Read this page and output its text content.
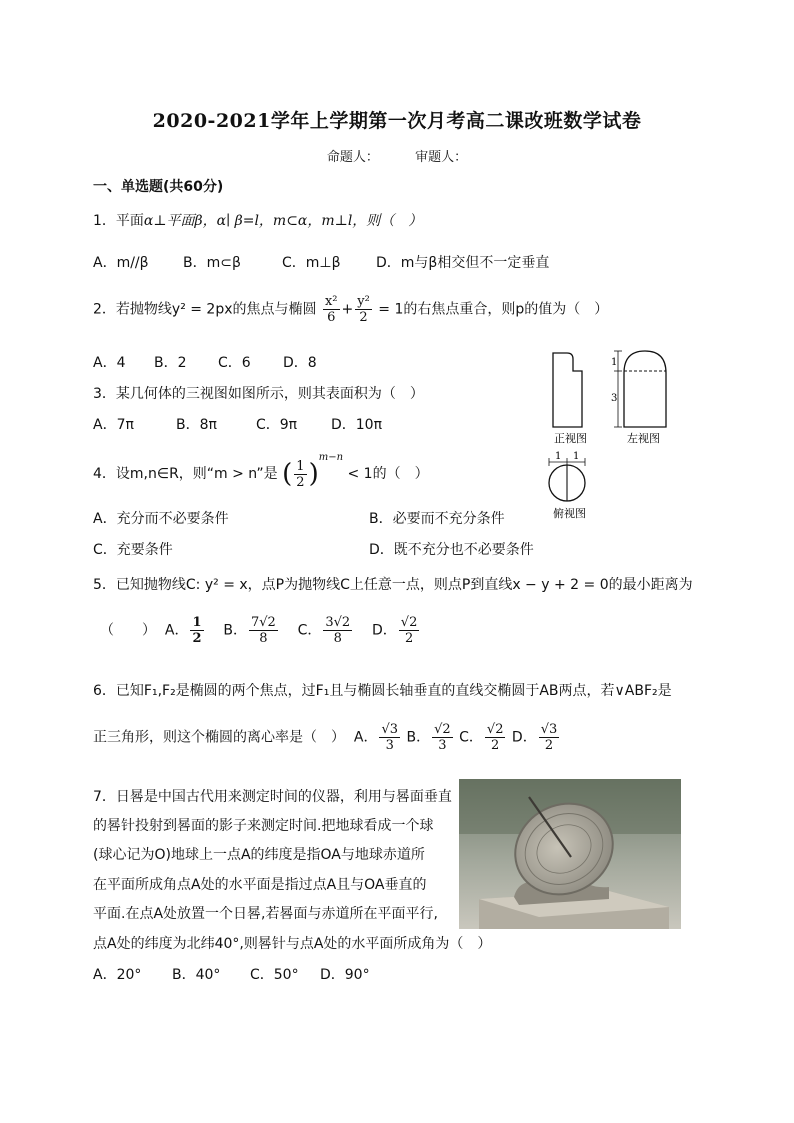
2020-2021学年上学期第一次月考高二课改班数学试卷
命题人：	审题人：
一、单选题(共60分)
1．平面α⊥平面β，α∣ β=l，m⊂α，m⊥l，则（　）
A．m//β B．m⊂β	C．m⊥β	D．m与β相交但不一定垂直
2．若抛物线y² = 2px的焦点与椭圆 $\frac{\text{x²}}{6} + \frac{\text{y²}}{2} = 1$的右焦点重合，则p的值为（　）
A．4 B．2 C．6 D．8
3．某几何体的三视图如图所示，则其表面积为（　）
A．7π	B．8π	C．9π D．10π
1
3
1 1
正视图	左视图
俯视图
4．设m,n∈R，则“m > n”是 ( $\frac{1}{2} )^{m-n} < 1$的（　）
A．充分而不必要条件	B．必要而不充分条件
C．充要条件	D．既不充分也不必要条件
5．已知抛物线C: y² = x，点P为抛物线C上任意一点，则点P到直线x − y + 2 = 0的最小距离为
（　　） A． $\frac{1}{2}$ B． $\frac{7√2}{8}$ C． $\frac{3√2}{8}$ D． $\frac{√2}{2}$
6．已知F₁,F₂是椭圆的两个焦点，过F₁且与椭圆长轴垂直的直线交椭圆于AB两点，若∨ABF₂是
正三角形，则这个椭圆的离心率是（　） A． $\frac{√3}{3}$ B． $\frac{√2}{3}$ C． $\frac{√2}{2}$ D． $\frac{√3}{2}$
7．日晷是中国古代用来测定时间的仪器，利用与晷面垂直
的晷针投射到晷面的影子来测定时间.把地球看成一个球
(球心记为O)地球上一点A的纬度是指OA与地球赤道所
在平面所成角点A处的水平面是指过点A且与OA垂直的
平面.在点A处放置一个日晷,若晷面与赤道所在平面平行,
点A处的纬度为北纬40°,则晷针与点A处的水平面所成角为（　）
A．20° B．40° C．50° D．90°
